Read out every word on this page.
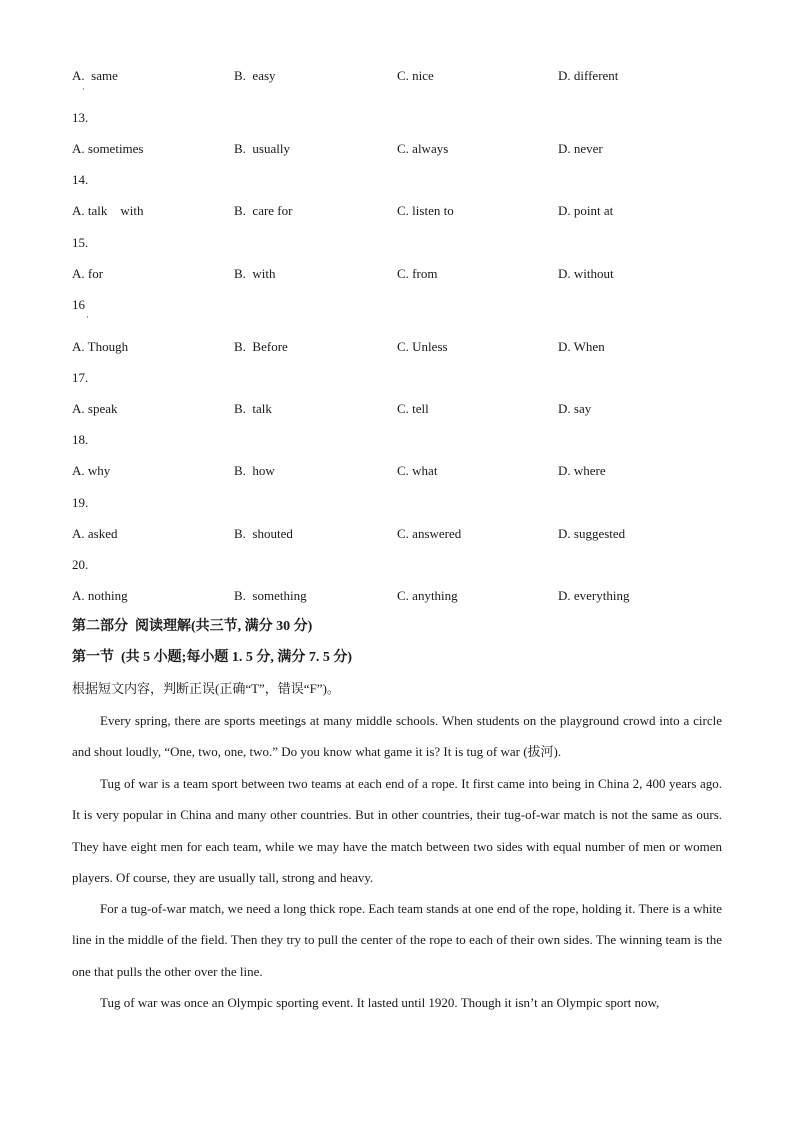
A.  same	B.  easy	C. nice	D. different
·
13.
A. sometimes	B.  usually	C. always	D. never
14.
A. talk    with	B.  care for	C. listen to	D. point at
15.
A. for	B.  with	C. from	D. without
16
·
A. Though	B.  Before	C. Unless	D. When
17.
A. speak	B.  talk	C. tell	D. say
18.
A. why	B.  how	C. what	D. where
19.
A. asked	B.  shouted	C. answered	D. suggested
20.
A. nothing	B.  something	C. anything	D. everything
第二部分  阅读理解(共三节, 满分 30 分)
第一节  (共 5 小题;每小题 1. 5 分, 满分 7. 5 分)
根据短文内容，判断正误(正确“T”，错误“F”)。

Every spring, there are sports meetings at many middle schools. When students on the playground crowd into a circle and shout loudly, “One, two, one, two.” Do you know what game it is? It is tug of war (拔河).

Tug of war is a team sport between two teams at each end of a rope. It first came into being in China 2, 400 years ago. It is very popular in China and many other countries. But in other countries, their tug-of-war match is not the same as ours. They have eight men for each team, while we may have the match between two sides with equal number of men or women players. Of course, they are usually tall, strong and heavy.

For a tug-of-war match, we need a long thick rope. Each team stands at one end of the rope, holding it. There is a white line in the middle of the field. Then they try to pull the center of the rope to each of their own sides. The winning team is the one that pulls the other over the line.

Tug of war was once an Olympic sporting event. It lasted until 1920. Though it isn’t an Olympic sport now,
